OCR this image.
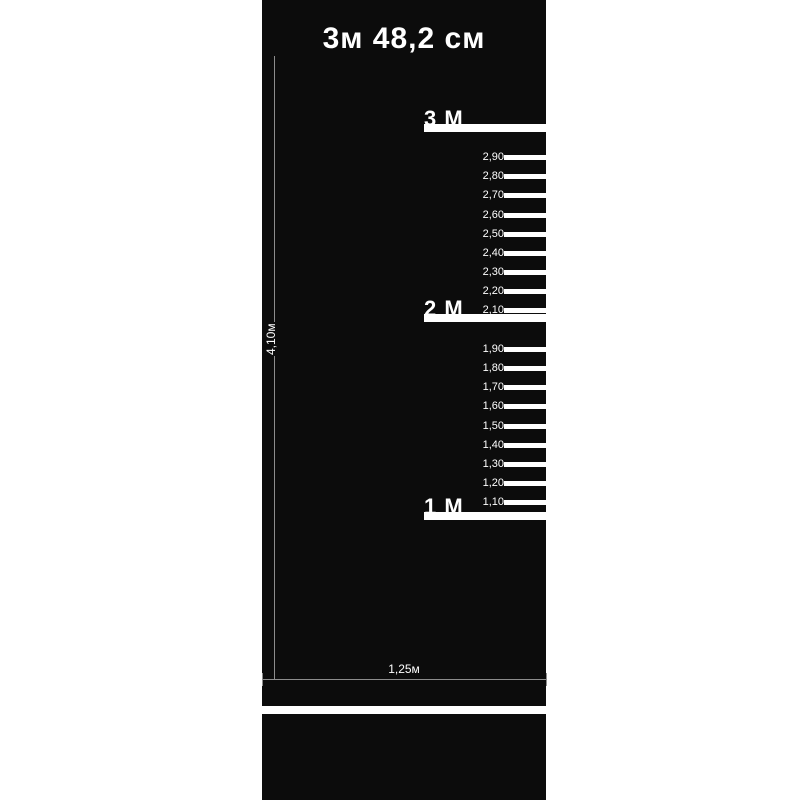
3м 48,2 см
3 М
2 М
1 М
2,90
2,80
2,70
2,60
2,50
2,40
2,30
2,20
2,10
1,90
1,80
1,70
1,60
1,50
1,40
1,30
1,20
1,10
4,10м
1,25м
